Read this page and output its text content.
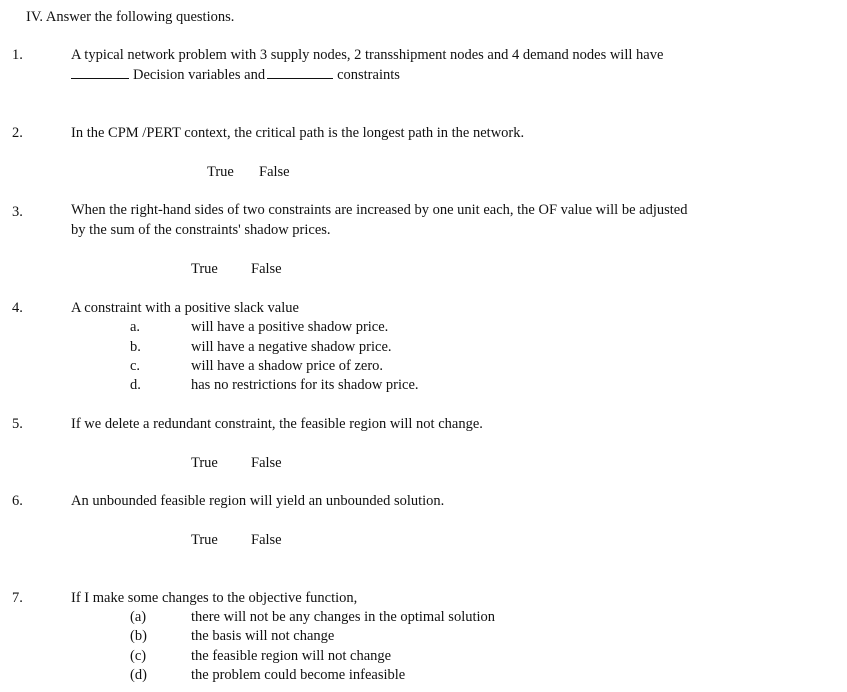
IV. Answer the following questions.
1.	A typical network problem with 3 supply nodes, 2 transshipment nodes and 4 demand nodes will have
Decision variables and	constraints
2.	In the CPM /PERT context, the critical path is the longest path in the network.
True False
3.	When the right-hand sides of two constraints are increased by one unit each, the OF value will be adjusted
by the sum of the constraints' shadow prices.
True False
4.	A constraint with a positive slack value
a.	will have a positive shadow price.
b.	will have a negative shadow price.
c.	will have a shadow price of zero.
d.	has no restrictions for its shadow price.
5.	If we delete a redundant constraint, the feasible region will not change.
True False
6.	An unbounded feasible region will yield an unbounded solution.
True False
7.	If I make some changes to the objective function,
(a)	there will not be any changes in the optimal solution
(b)	the basis will not change
(c)	the feasible region will not change
(d)	the problem could become infeasible
